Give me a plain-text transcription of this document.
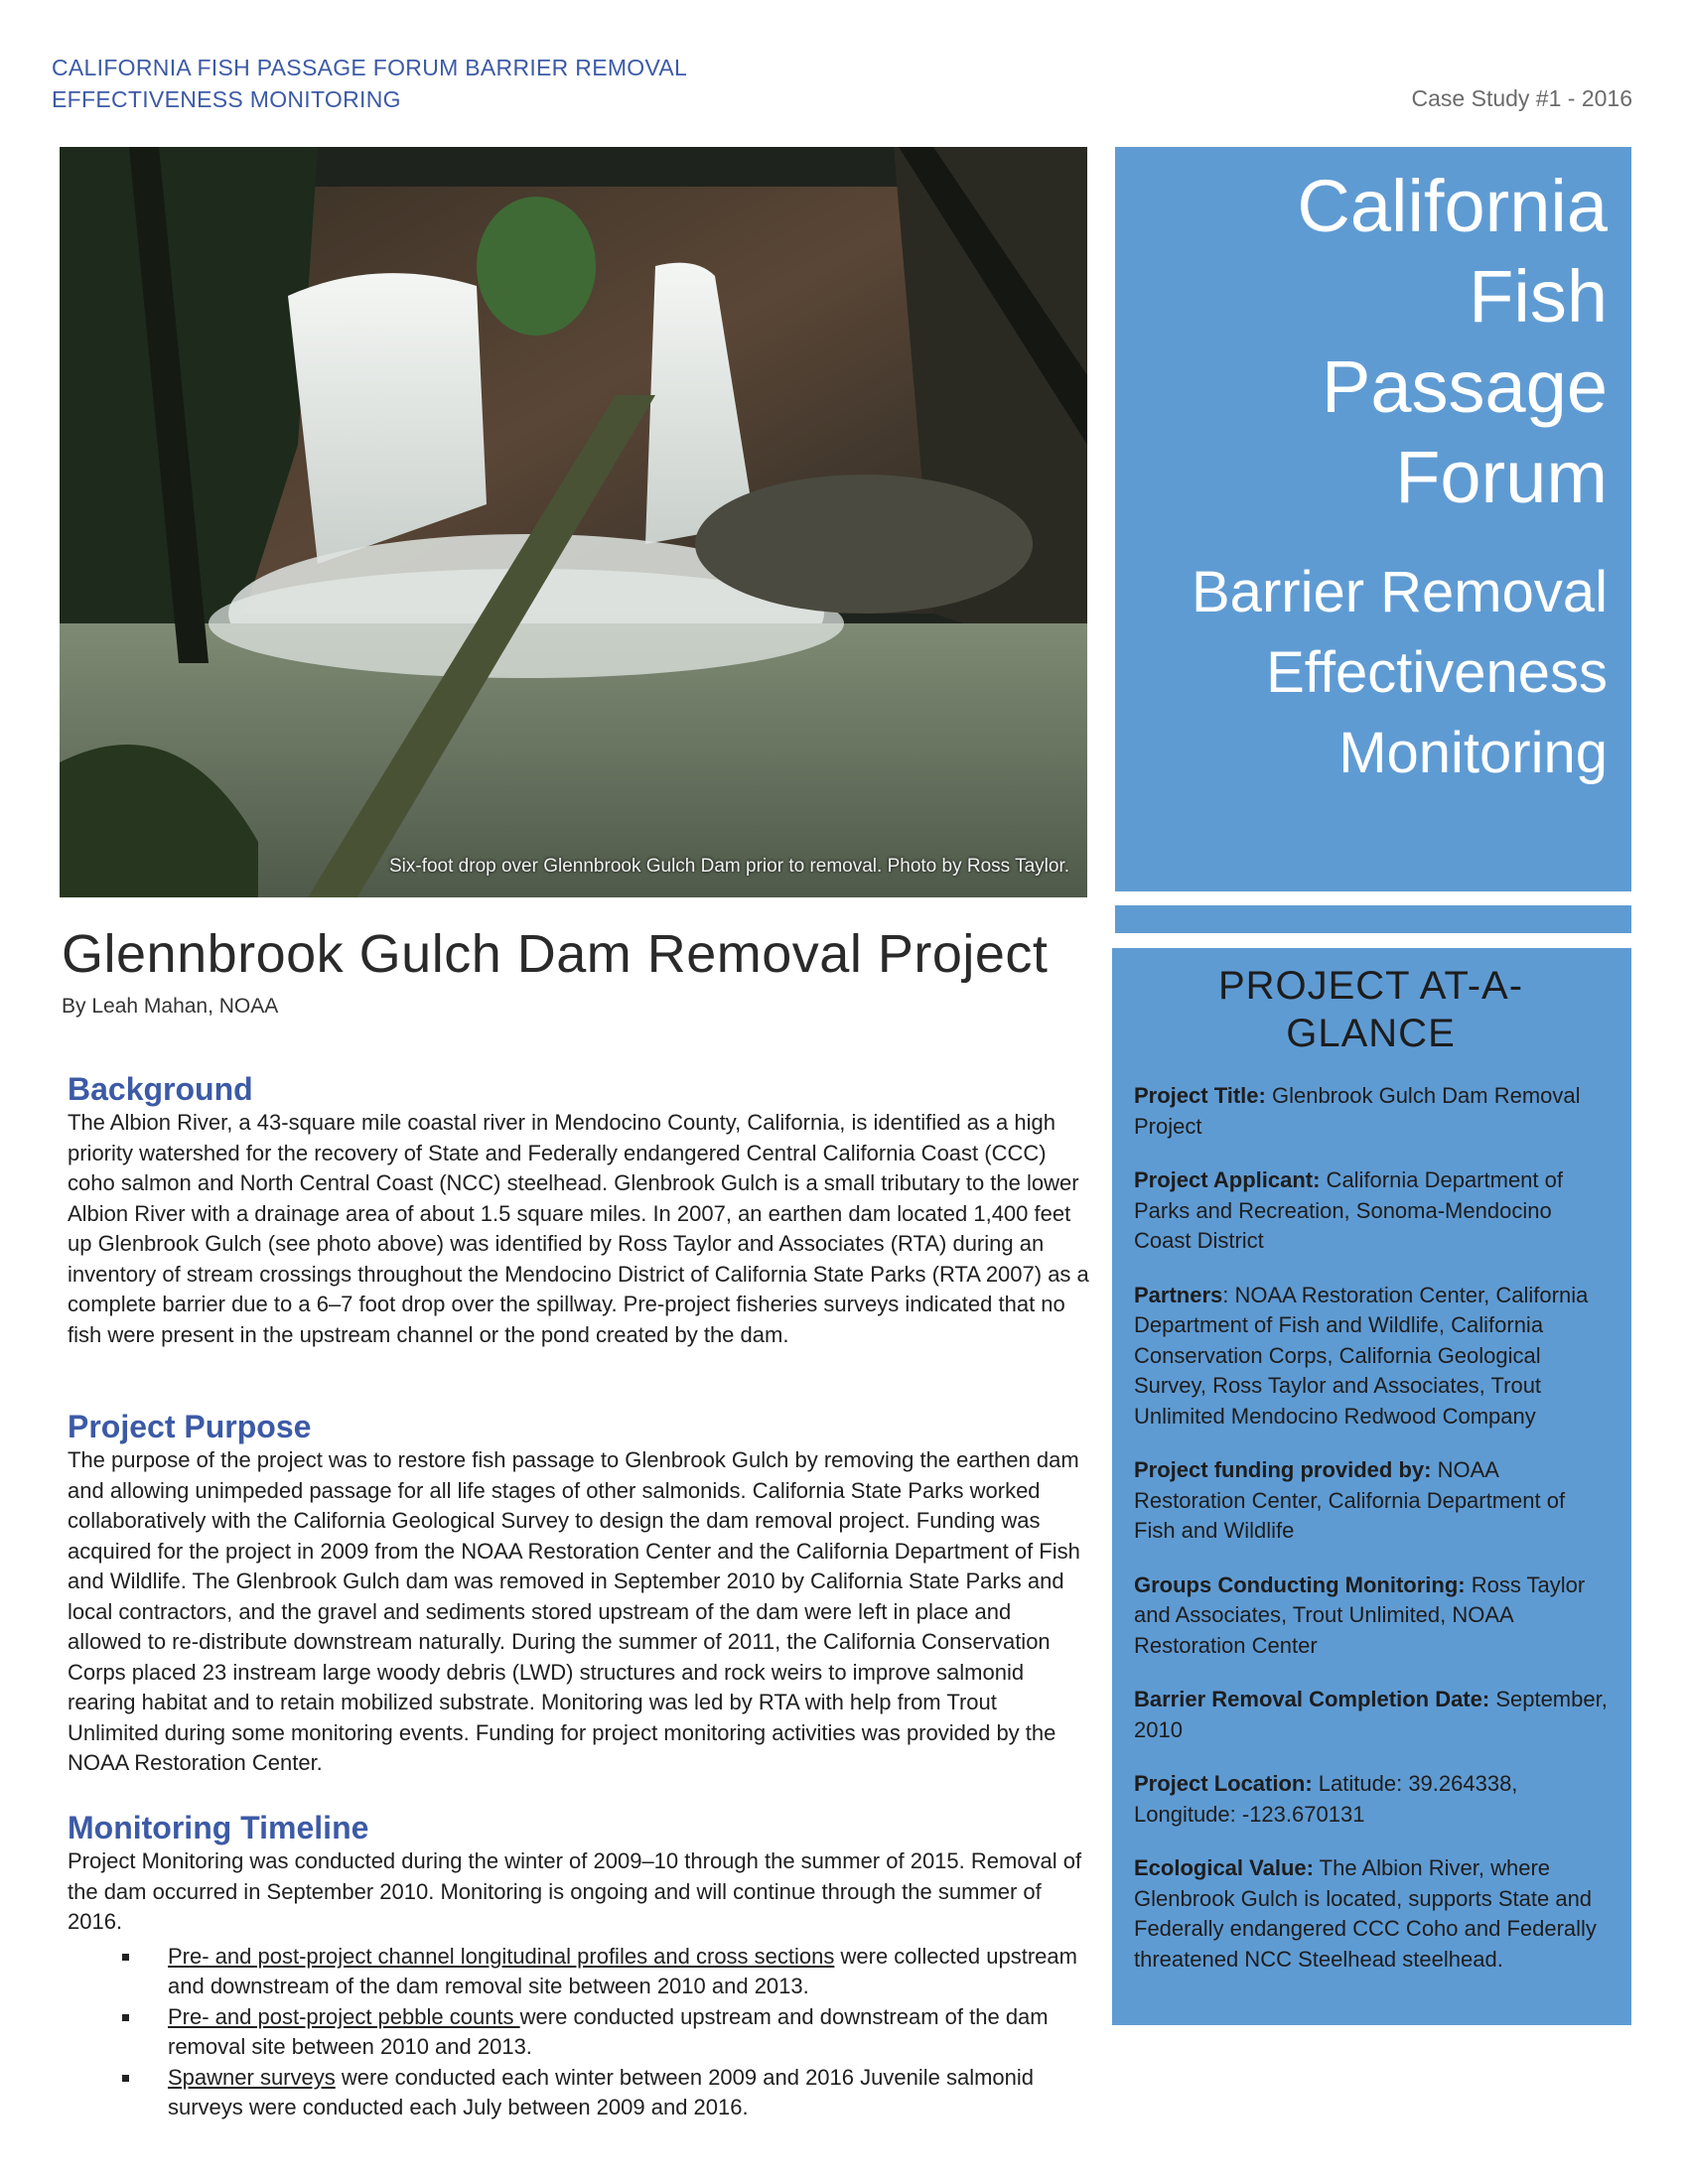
CALIFORNIA FISH PASSAGE FORUM BARRIER REMOVAL
EFFECTIVENESS MONITORING	Case Study #1 - 2016
Six-foot drop over Glennbrook Gulch Dam prior to removal. Photo by Ross Taylor.
California
Fish
Passage
Forum
Barrier Removal
Effectiveness
Monitoring
Glennbrook Gulch Dam Removal Project
By Leah Mahan, NOAA
Background

The Albion River, a 43-square mile coastal river in Mendocino County, California, is identified as a high priority watershed for the recovery of State and Federally endangered Central California Coast (CCC) coho salmon and North Central Coast (NCC) steelhead. Glenbrook Gulch is a small tributary to the lower Albion River with a drainage area of about 1.5 square miles. In 2007, an earthen dam located 1,400 feet up Glenbrook Gulch (see photo above) was identified by Ross Taylor and Associates (RTA) during an inventory of stream crossings throughout the Mendocino District of California State Parks (RTA 2007) as a complete barrier due to a 6–7 foot drop over the spillway. Pre-project fisheries surveys indicated that no fish were present in the upstream channel or the pond created by the dam.

Project Purpose

The purpose of the project was to restore fish passage to Glenbrook Gulch by removing the earthen dam and allowing unimpeded passage for all life stages of other salmonids. California State Parks worked collaboratively with the California Geological Survey to design the dam removal project. Funding was acquired for the project in 2009 from the NOAA Restoration Center and the California Department of Fish and Wildlife. The Glenbrook Gulch dam was removed in September 2010 by California State Parks and local contractors, and the gravel and sediments stored upstream of the dam were left in place and allowed to re-distribute downstream naturally. During the summer of 2011, the California Conservation Corps placed 23 instream large woody debris (LWD) structures and rock weirs to improve salmonid rearing habitat and to retain mobilized substrate. Monitoring was led by RTA with help from Trout Unlimited during some monitoring events. Funding for project monitoring activities was provided by the NOAA Restoration Center.

Monitoring Timeline

Project Monitoring was conducted during the winter of 2009–10 through the summer of 2015. Removal of the dam occurred in September 2010. Monitoring is ongoing and will continue through the summer of 2016.

Pre- and post-project channel longitudinal profiles and cross sections were collected upstream and downstream of the dam removal site between 2010 and 2013.
Pre- and post-project pebble counts were conducted upstream and downstream of the dam removal site between 2010 and 2013.
Spawner surveys were conducted each winter between 2009 and 2016 Juvenile salmonid surveys were conducted each July between 2009 and 2016.
PROJECT AT-A-GLANCE
Project Title: Glenbrook Gulch Dam Removal Project
Project Applicant: California Department of Parks and Recreation, Sonoma-Mendocino Coast District
Partners: NOAA Restoration Center, California Department of Fish and Wildlife, California Conservation Corps, California Geological Survey, Ross Taylor and Associates, Trout Unlimited Mendocino Redwood Company
Project funding provided by: NOAA Restoration Center, California Department of Fish and Wildlife
Groups Conducting Monitoring: Ross Taylor and Associates, Trout Unlimited, NOAA Restoration Center
Barrier Removal Completion Date: September, 2010
Project Location: Latitude: 39.264338, Longitude: -123.670131
Ecological Value: The Albion River, where Glenbrook Gulch is located, supports State and Federally endangered CCC Coho and Federally threatened NCC Steelhead steelhead.
